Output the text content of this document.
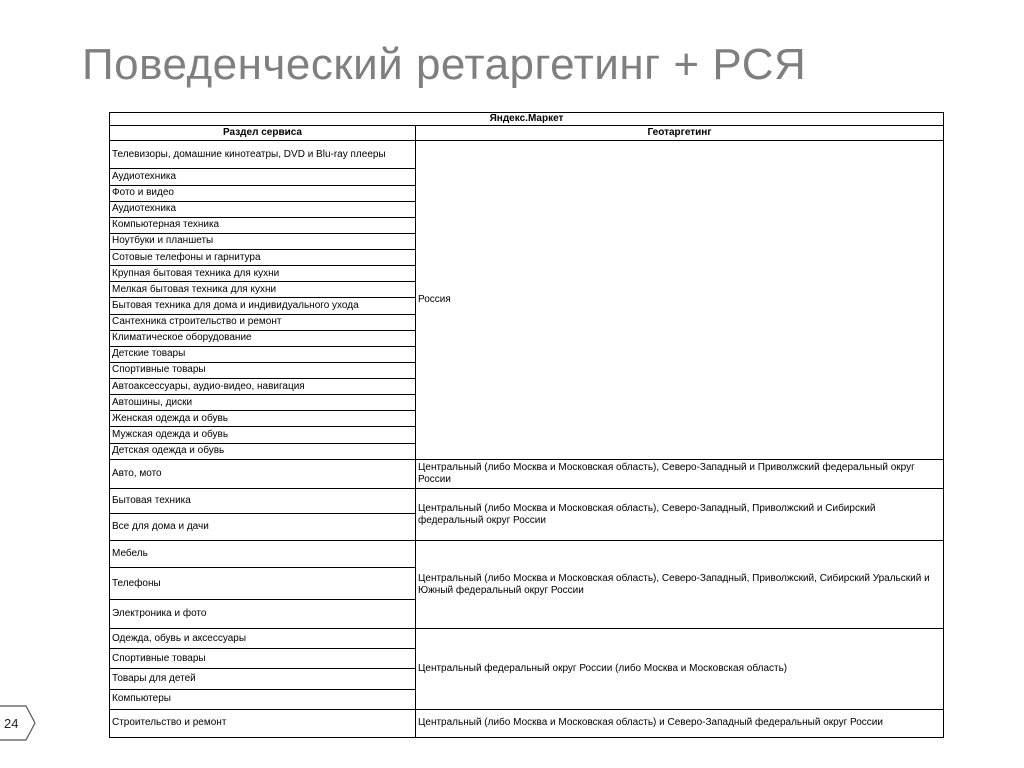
Поведенческий ретаргетинг + РСЯ
Яндекс.Маркет	
Раздел сервиса	Геотаргетинг
Телевизоры, домашние кинотеатры, DVD и Blu-ray плееры	Россия
Аудиотехника	
Фото и видео	
Аудиотехника	
Компьютерная техника	
Ноутбуки и планшеты	
Сотовые телефоны и гарнитура	
Крупная бытовая техника для кухни	
Мелкая бытовая техника для кухни	
Бытовая техника для дома и индивидуального ухода	
Сантехника строительство и ремонт	
Климатическое оборудование	
Детские товары	
Спортивные товары	
Автоаксессуары, аудио-видео, навигация	
Автошины, диски	
Женская одежда и обувь	
Мужская одежда и обувь	
Детская одежда и обувь	
Авто, мото	Центральный (либо Москва и Московская область), Северо-Западный и Приволжский федеральный округ России
Бытовая техника	Центральный (либо Москва и Московская область), Северо-Западный, Приволжский и Сибирский федеральный округ России
Все для дома и дачи	
Мебель	Центральный (либо Москва и Московская область), Северо-Западный, Приволжский, Сибирский Уральский и Южный федеральный округ России
Телефоны	
Электроника и фото	
Одежда, обувь и аксессуары	Центральный федеральный округ России (либо Москва и Московская область)
Спортивные товары	
Товары для детей	
Компьютеры	
Строительство и ремонт	Центральный (либо Москва и Московская область) и Северо-Западный федеральный округ России
24
